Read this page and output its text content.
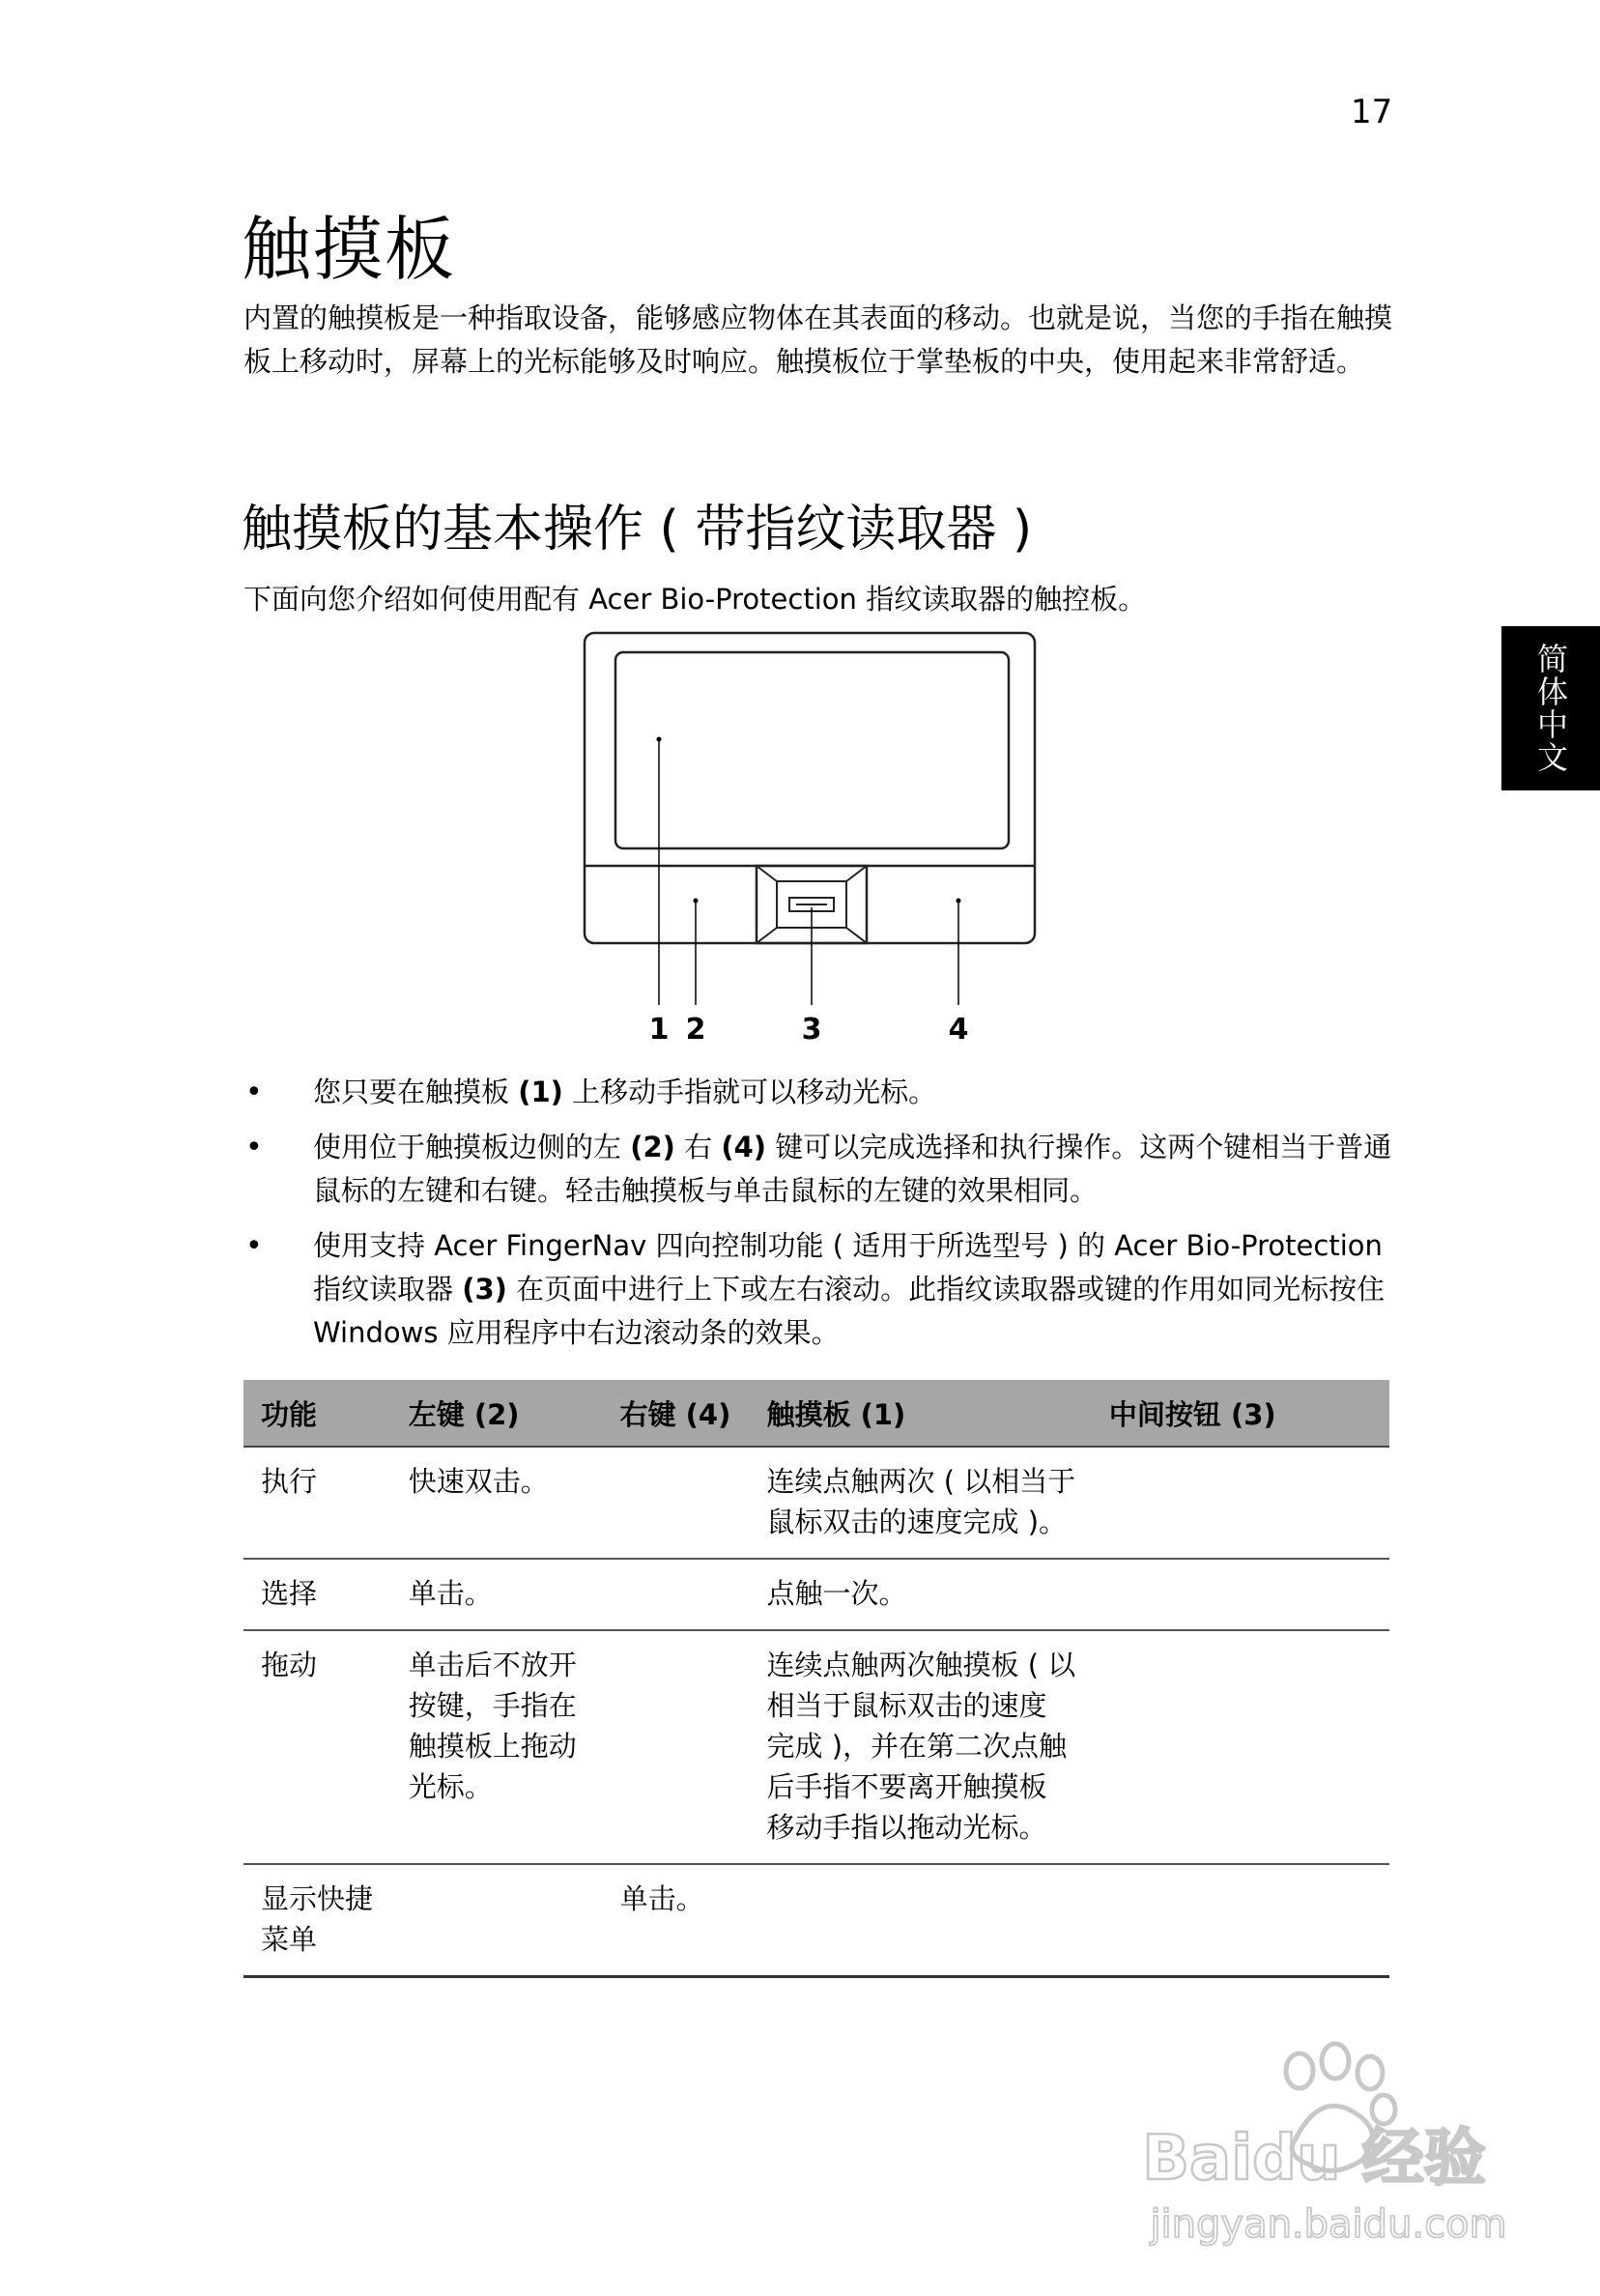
17
触摸板

内置的触摸板是一种指取设备，能够感应物体在其表面的移动。也就是说，当您的手指在触摸板上移动时，屏幕上的光标能够及时响应。触摸板位于掌垫板的中央，使用起来非常舒适。

触摸板的基本操作 ( 带指纹读取器 )

下面向您介绍如何使用配有 Acer Bio-Protection 指纹读取器的触控板。

简体中文
1 2	3	4
• 您只要在触摸板 (1) 上移动手指就可以移动光标。
• 使用位于触摸板边侧的左 (2) 右 (4) 键可以完成选择和执行操作。这两个键相当于普通鼠标的左键和右键。轻击触摸板与单击鼠标的左键的效果相同。
• 使用支持 Acer FingerNav 四向控制功能 ( 适用于所选型号 ) 的 Acer Bio-Protection 指纹读取器 (3) 在页面中进行上下或左右滚动。此指纹读取器或键的作用如同光标按住 Windows 应用程序中右边滚动条的效果。
功能	左键 (2)	右键 (4)	触摸板 (1)	中间按钮 (3)
执行	快速双击。		连续点触两次 ( 以相当于
鼠标双击的速度完成 )。	
选择	单击。		点触一次。	
拖动	单击后不放开
按键，手指在
触摸板上拖动
光标。		连续点触两次触摸板 ( 以
相当于鼠标双击的速度
完成 )，并在第二次点触
后手指不要离开触摸板
移动手指以拖动光标。	
显示快捷
菜单		单击。		
Baidu 经验
jingyan.baidu.com
